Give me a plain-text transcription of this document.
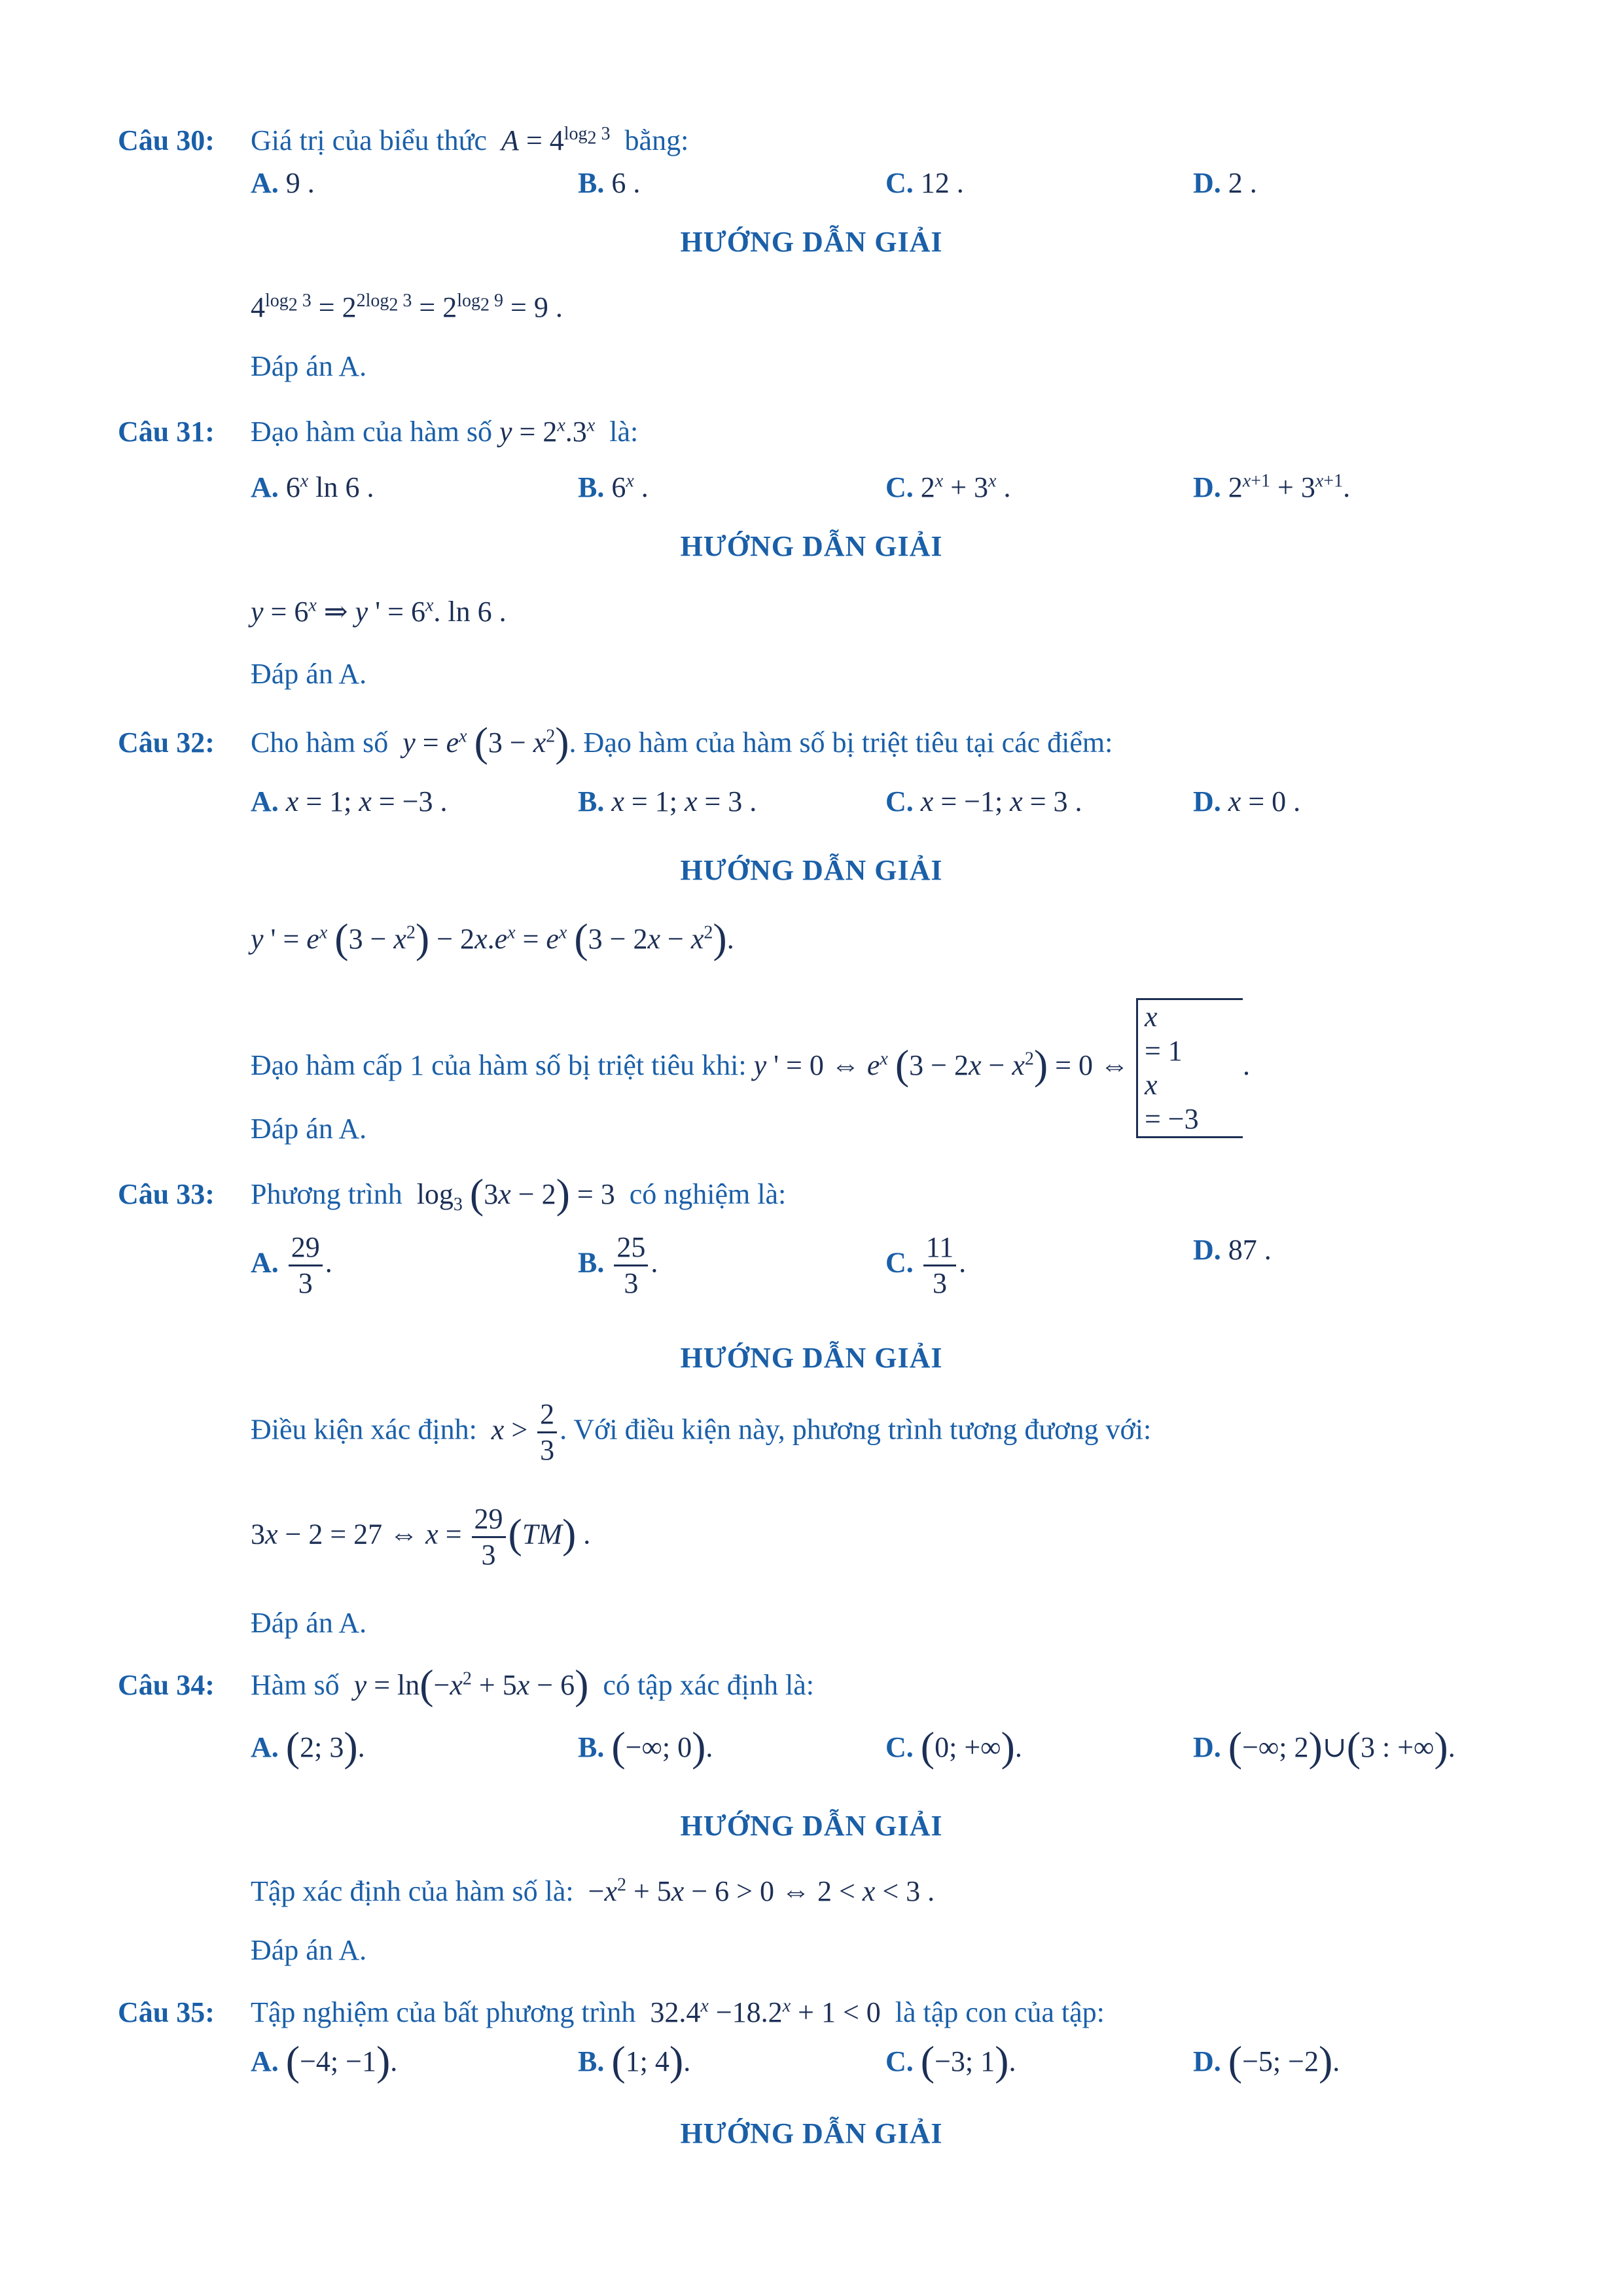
Câu 30: Giá trị của biểu thức $A = 4^{log_2 3}$ bằng:
A. 9 .	B. 6 .	C. 12 .	D. 2 .
HƯỚNG DẪN GIẢI
$4^{log_2 3} = 2^{2log_2 3} = 2^{log_2 9} = 9$ .
Đáp án A.
Câu 31: Đạo hàm của hàm số $y = 2^x.3^x$ là:
A. 6$^x$ ln 6 .	B. 6$^x$ .	C. $2^x + 3^x$ .	D. $2^{x+1} + 3^{x+1}$.
HƯỚNG DẪN GIẢI
$y = 6^x$ ⇒ y ' = $6^x$. ln 6 .
Đáp án A.
Câu 32: Cho hàm số $y = e^x$ $(3 - x^2)$. Đạo hàm của hàm số bị triệt tiêu tại các điểm:
A. x = 1; x = −3 .	B. x = 1; x = 3 .	C. x = −1; x = 3 .	D. x = 0 .
HƯỚNG DẪN GIẢI
y ' = $e^x$ $(3 - x^2) - 2x.e^x = e^x$ $(3 - 2x - x^2)$.
Đạo hàm cấp 1 của hàm số bị triệt tiêu khi: y ' = 0 ⇔ $e^x$ $(3 - 2x - x^2) = 0$ ⇔
x
= 1
x
= −3
.
Đáp án A.
Câu 33: Phương trình $\log_3 (3x - 2) = 3$ có nghiệm là:
A. $\frac{29}{3}$ .	B. $\frac{25}{3}$ .	C. $\frac{11}{3}$ .	D. 87 .
HƯỚNG DẪN GIẢI
Điều kiện xác định: $x > \frac{2}{3}$ . Với điều kiện này, phương trình tương đương với:
3x − 2 = 27 ⇔ $x = \frac{29}{3} (TM)$ .
Đáp án A.
Câu 34: Hàm số $y = \ln(-x^2 + 5x - 6)$ có tập xác định là:
A. (2; 3).	B. (−∞; 0).	C. (0; +∞).	D. (−∞; 2)∪(3 : +∞).
HƯỚNG DẪN GIẢI
Tập xác định của hàm số là: $-x^2 + 5x - 6 > 0$ ⇔ 2 < x < 3 .
Đáp án A.
Câu 35: Tập nghiệm của bất phương trình $32.4^x -18.2^x + 1 < 0$ là tập con của tập:
A. (−4; −1).	B. (1; 4).	C. (−3; 1).	D. (−5; −2).
HƯỚNG DẪN GIẢI
